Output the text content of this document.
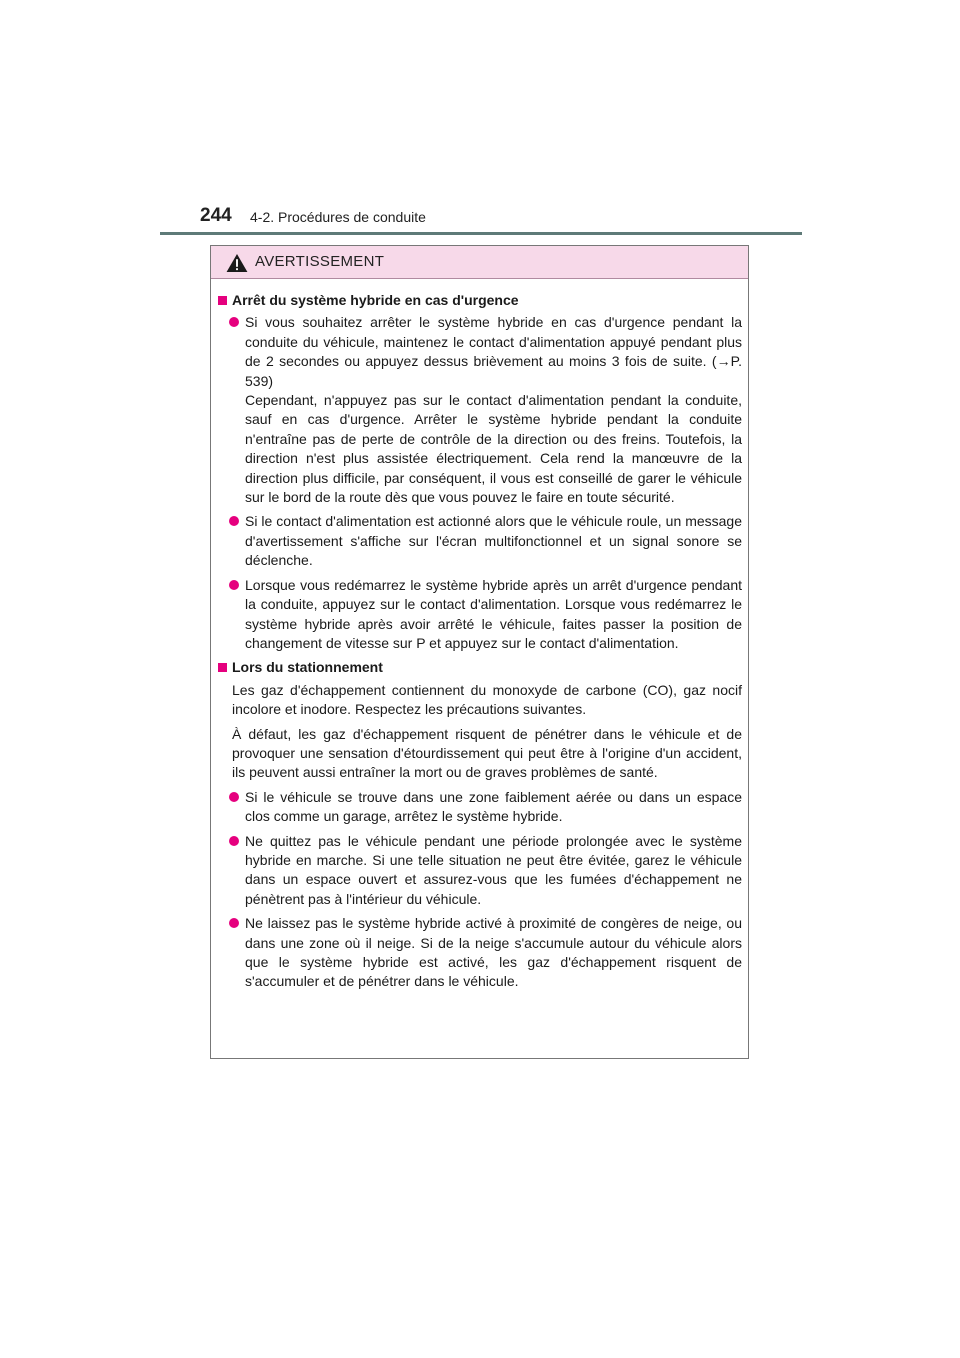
244 4-2. Procédures de conduite
AVERTISSEMENT
Arrêt du système hybride en cas d'urgence
Si vous souhaitez arrêter le système hybride en cas d'urgence pendant la conduite du véhicule, maintenez le contact d'alimentation appuyé pendant plus de 2 secondes ou appuyez dessus brièvement au moins 3 fois de suite. (→P. 539)
Cependant, n'appuyez pas sur le contact d'alimentation pendant la conduite, sauf en cas d'urgence. Arrêter le système hybride pendant la conduite n'entraîne pas de perte de contrôle de la direction ou des freins. Toutefois, la direction n'est plus assistée électriquement. Cela rend la manœuvre de la direction plus difficile, par conséquent, il vous est conseillé de garer le véhicule sur le bord de la route dès que vous pouvez le faire en toute sécurité.
Si le contact d'alimentation est actionné alors que le véhicule roule, un message d'avertissement s'affiche sur l'écran multifonctionnel et un signal sonore se déclenche.
Lorsque vous redémarrez le système hybride après un arrêt d'urgence pendant la conduite, appuyez sur le contact d'alimentation. Lorsque vous redémarrez le système hybride après avoir arrêté le véhicule, faites passer la position de changement de vitesse sur P et appuyez sur le contact d'alimentation.
Lors du stationnement

Les gaz d'échappement contiennent du monoxyde de carbone (CO), gaz nocif incolore et inodore. Respectez les précautions suivantes.

À défaut, les gaz d'échappement risquent de pénétrer dans le véhicule et de provoquer une sensation d'étourdissement qui peut être à l'origine d'un accident, ils peuvent aussi entraîner la mort ou de graves problèmes de santé.

Si le véhicule se trouve dans une zone faiblement aérée ou dans un espace clos comme un garage, arrêtez le système hybride.
Ne quittez pas le véhicule pendant une période prolongée avec le système hybride en marche. Si une telle situation ne peut être évitée, garez le véhicule dans un espace ouvert et assurez-vous que les fumées d'échappement ne pénètrent pas à l'intérieur du véhicule.
Ne laissez pas le système hybride activé à proximité de congères de neige, ou dans une zone où il neige. Si de la neige s'accumule autour du véhicule alors que le système hybride est activé, les gaz d'échappement risquent de s'accumuler et de pénétrer dans le véhicule.
